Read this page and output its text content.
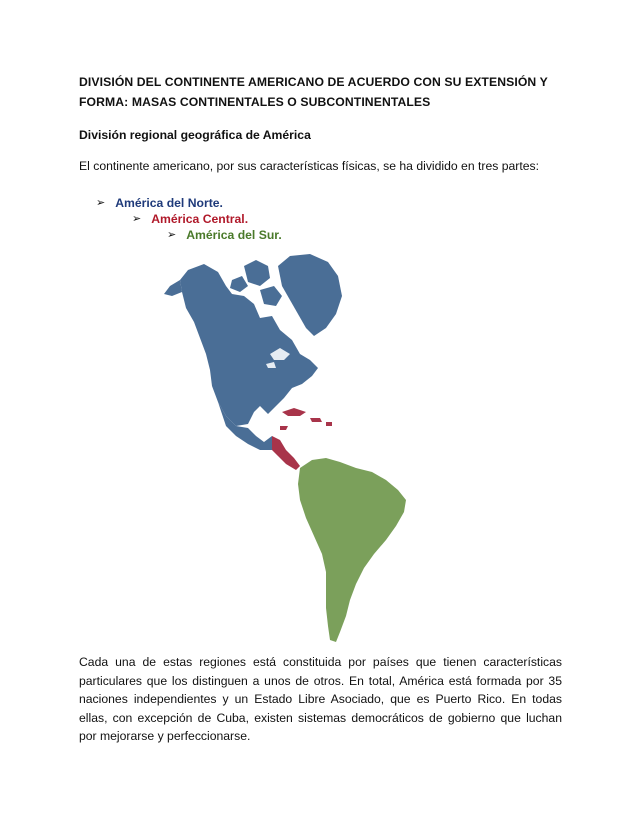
DIVISIÓN DEL CONTINENTE AMERICANO DE ACUERDO CON SU EXTENSIÓN Y FORMA: MASAS CONTINENTALES O SUBCONTINENTALES
División regional geográfica de América
El continente americano, por sus características físicas, se ha dividido en tres partes:
➢ América del Norte.
➢ América Central.
➢ América del Sur.
Cada una de estas regiones está constituida por países que tienen características particulares que los distinguen a unos de otros. En total, América está formada por 35 naciones independientes y un Estado Libre Asociado, que es Puerto Rico. En todas ellas, con excepción de Cuba, existen sistemas democráticos de gobierno que luchan por mejorarse y perfeccionarse.
